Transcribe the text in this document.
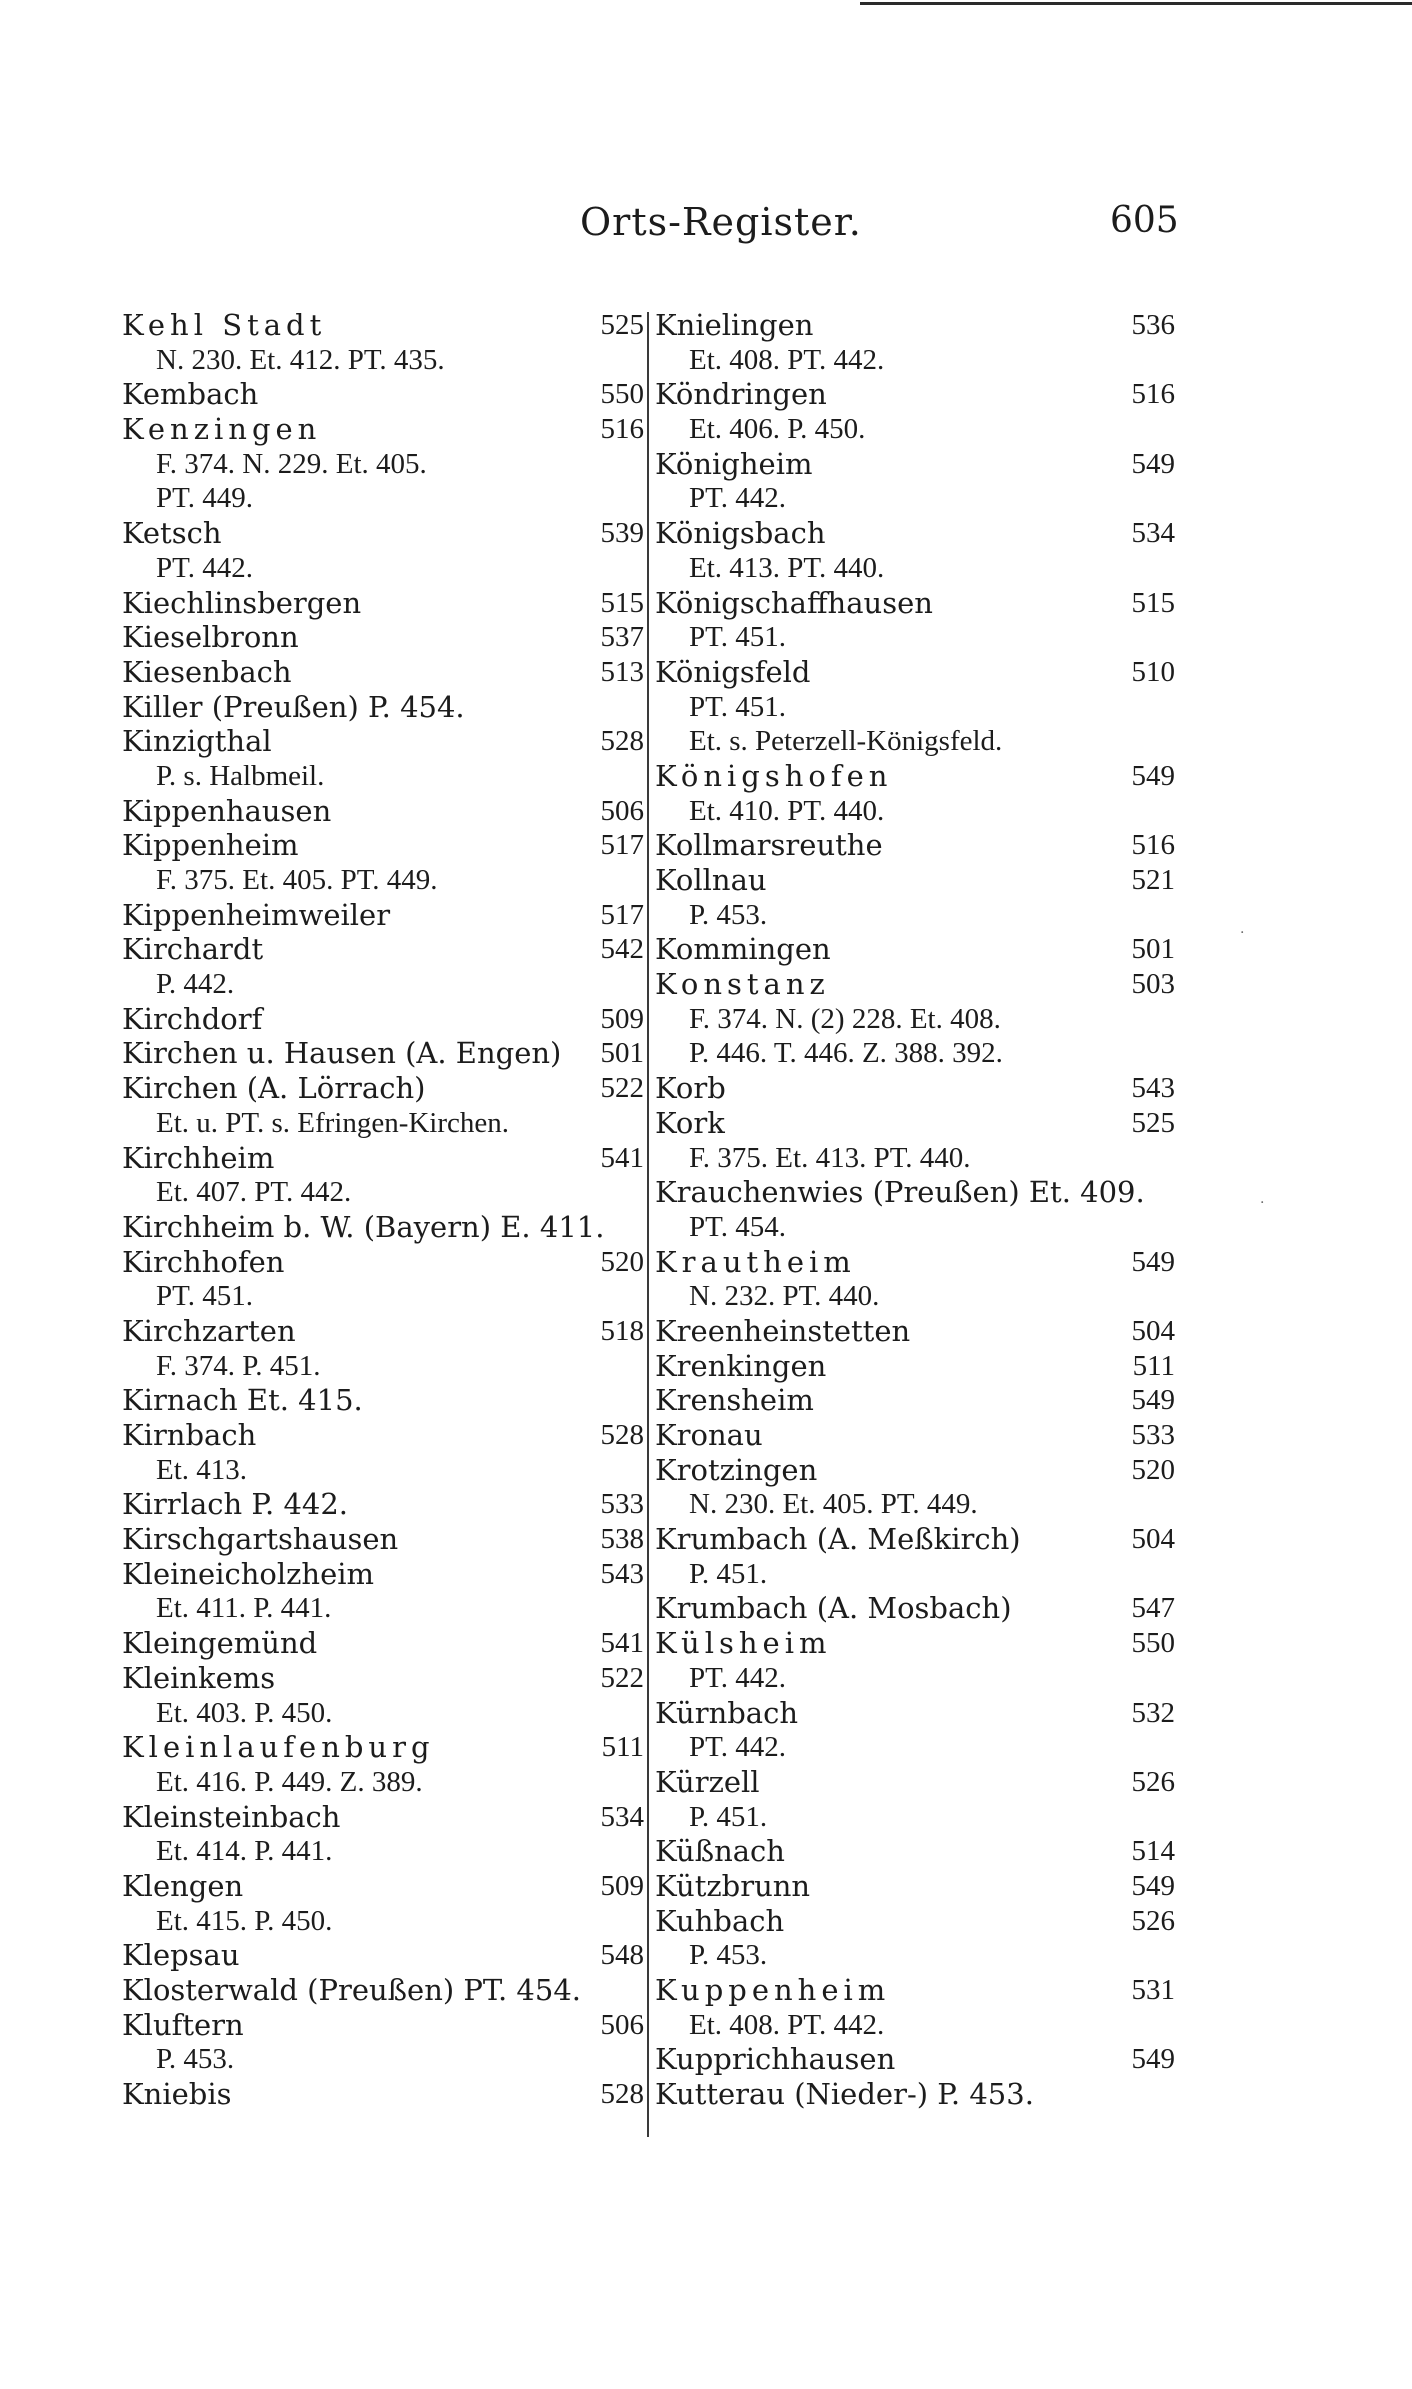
Orts-Register.	605
Kehl Stadt	525
N. 230. Et. 412. PT. 435.
Kembach	550
Kenzingen	516
F. 374. N. 229. Et. 405.
PT. 449.
Ketsch	539
PT. 442.
Kiechlinsbergen	515
Kieselbronn	537
Kiesenbach	513
Killer (Preußen) P. 454.
Kinzigthal	528
P. s. Halbmeil.
Kippenhausen	506
Kippenheim	517
F. 375. Et. 405. PT. 449.
Kippenheimweiler	517
Kirchardt	542
P. 442.
Kirchdorf	509
Kirchen u. Hausen (A. Engen) 501
Kirchen (A. Lörrach)	522
Et. u. PT. s. Efringen-Kirchen.
Kirchheim	541
Et. 407. PT. 442.
Kirchheim b. W. (Bayern) E. 411.
Kirchhofen	520
PT. 451.
Kirchzarten	518
F. 374. P. 451.
Kirnach Et. 415.
Kirnbach	528
Et. 413.
Kirrlach P. 442.	533
Kirschgartshausen	538
Kleineicholzheim	543
Et. 411. P. 441.
Kleingemünd	541
Kleinkems	522
Et. 403. P. 450.
Kleinlaufenburg	511
Et. 416. P. 449. Z. 389.
Kleinsteinbach	534
Et. 414. P. 441.
Klengen	509
Et. 415. P. 450.
Klepsau	548
Klosterwald (Preußen) PT. 454.
Kluftern	506
P. 453.
Kniebis	528
Knielingen	536
Et. 408. PT. 442.
Köndringen	516
Et. 406. P. 450.
Königheim	549
PT. 442.
Königsbach	534
Et. 413. PT. 440.
Königschaffhausen	515
PT. 451.
Königsfeld	510
PT. 451.
Et. s. Peterzell-Königsfeld.
Königshofen	549
Et. 410. PT. 440.
Kollmarsreuthe	516
Kollnau	521
P. 453.
Kommingen	501
Konstanz	503
F. 374. N. (2) 228. Et. 408.
P. 446. T. 446. Z. 388. 392.
Korb	543
Kork	525
F. 375. Et. 413. PT. 440.
Krauchenwies (Preußen) Et. 409.
PT. 454.
Krautheim	549
N. 232. PT. 440.
Kreenheinstetten	504
Krenkingen	511
Krensheim	549
Kronau	533
Krotzingen	520
N. 230. Et. 405. PT. 449.
Krumbach (A. Meßkirch)	504
P. 451.
Krumbach (A. Mosbach)	547
Külsheim	550
PT. 442.
Kürnbach	532
PT. 442.
Kürzell	526
P. 451.
Küßnach	514
Kützbrunn	549
Kuhbach	526
P. 453.
Kuppenheim	531
Et. 408. PT. 442.
Kupprichhausen	549
Kutterau (Nieder-) P. 453.
·
·
